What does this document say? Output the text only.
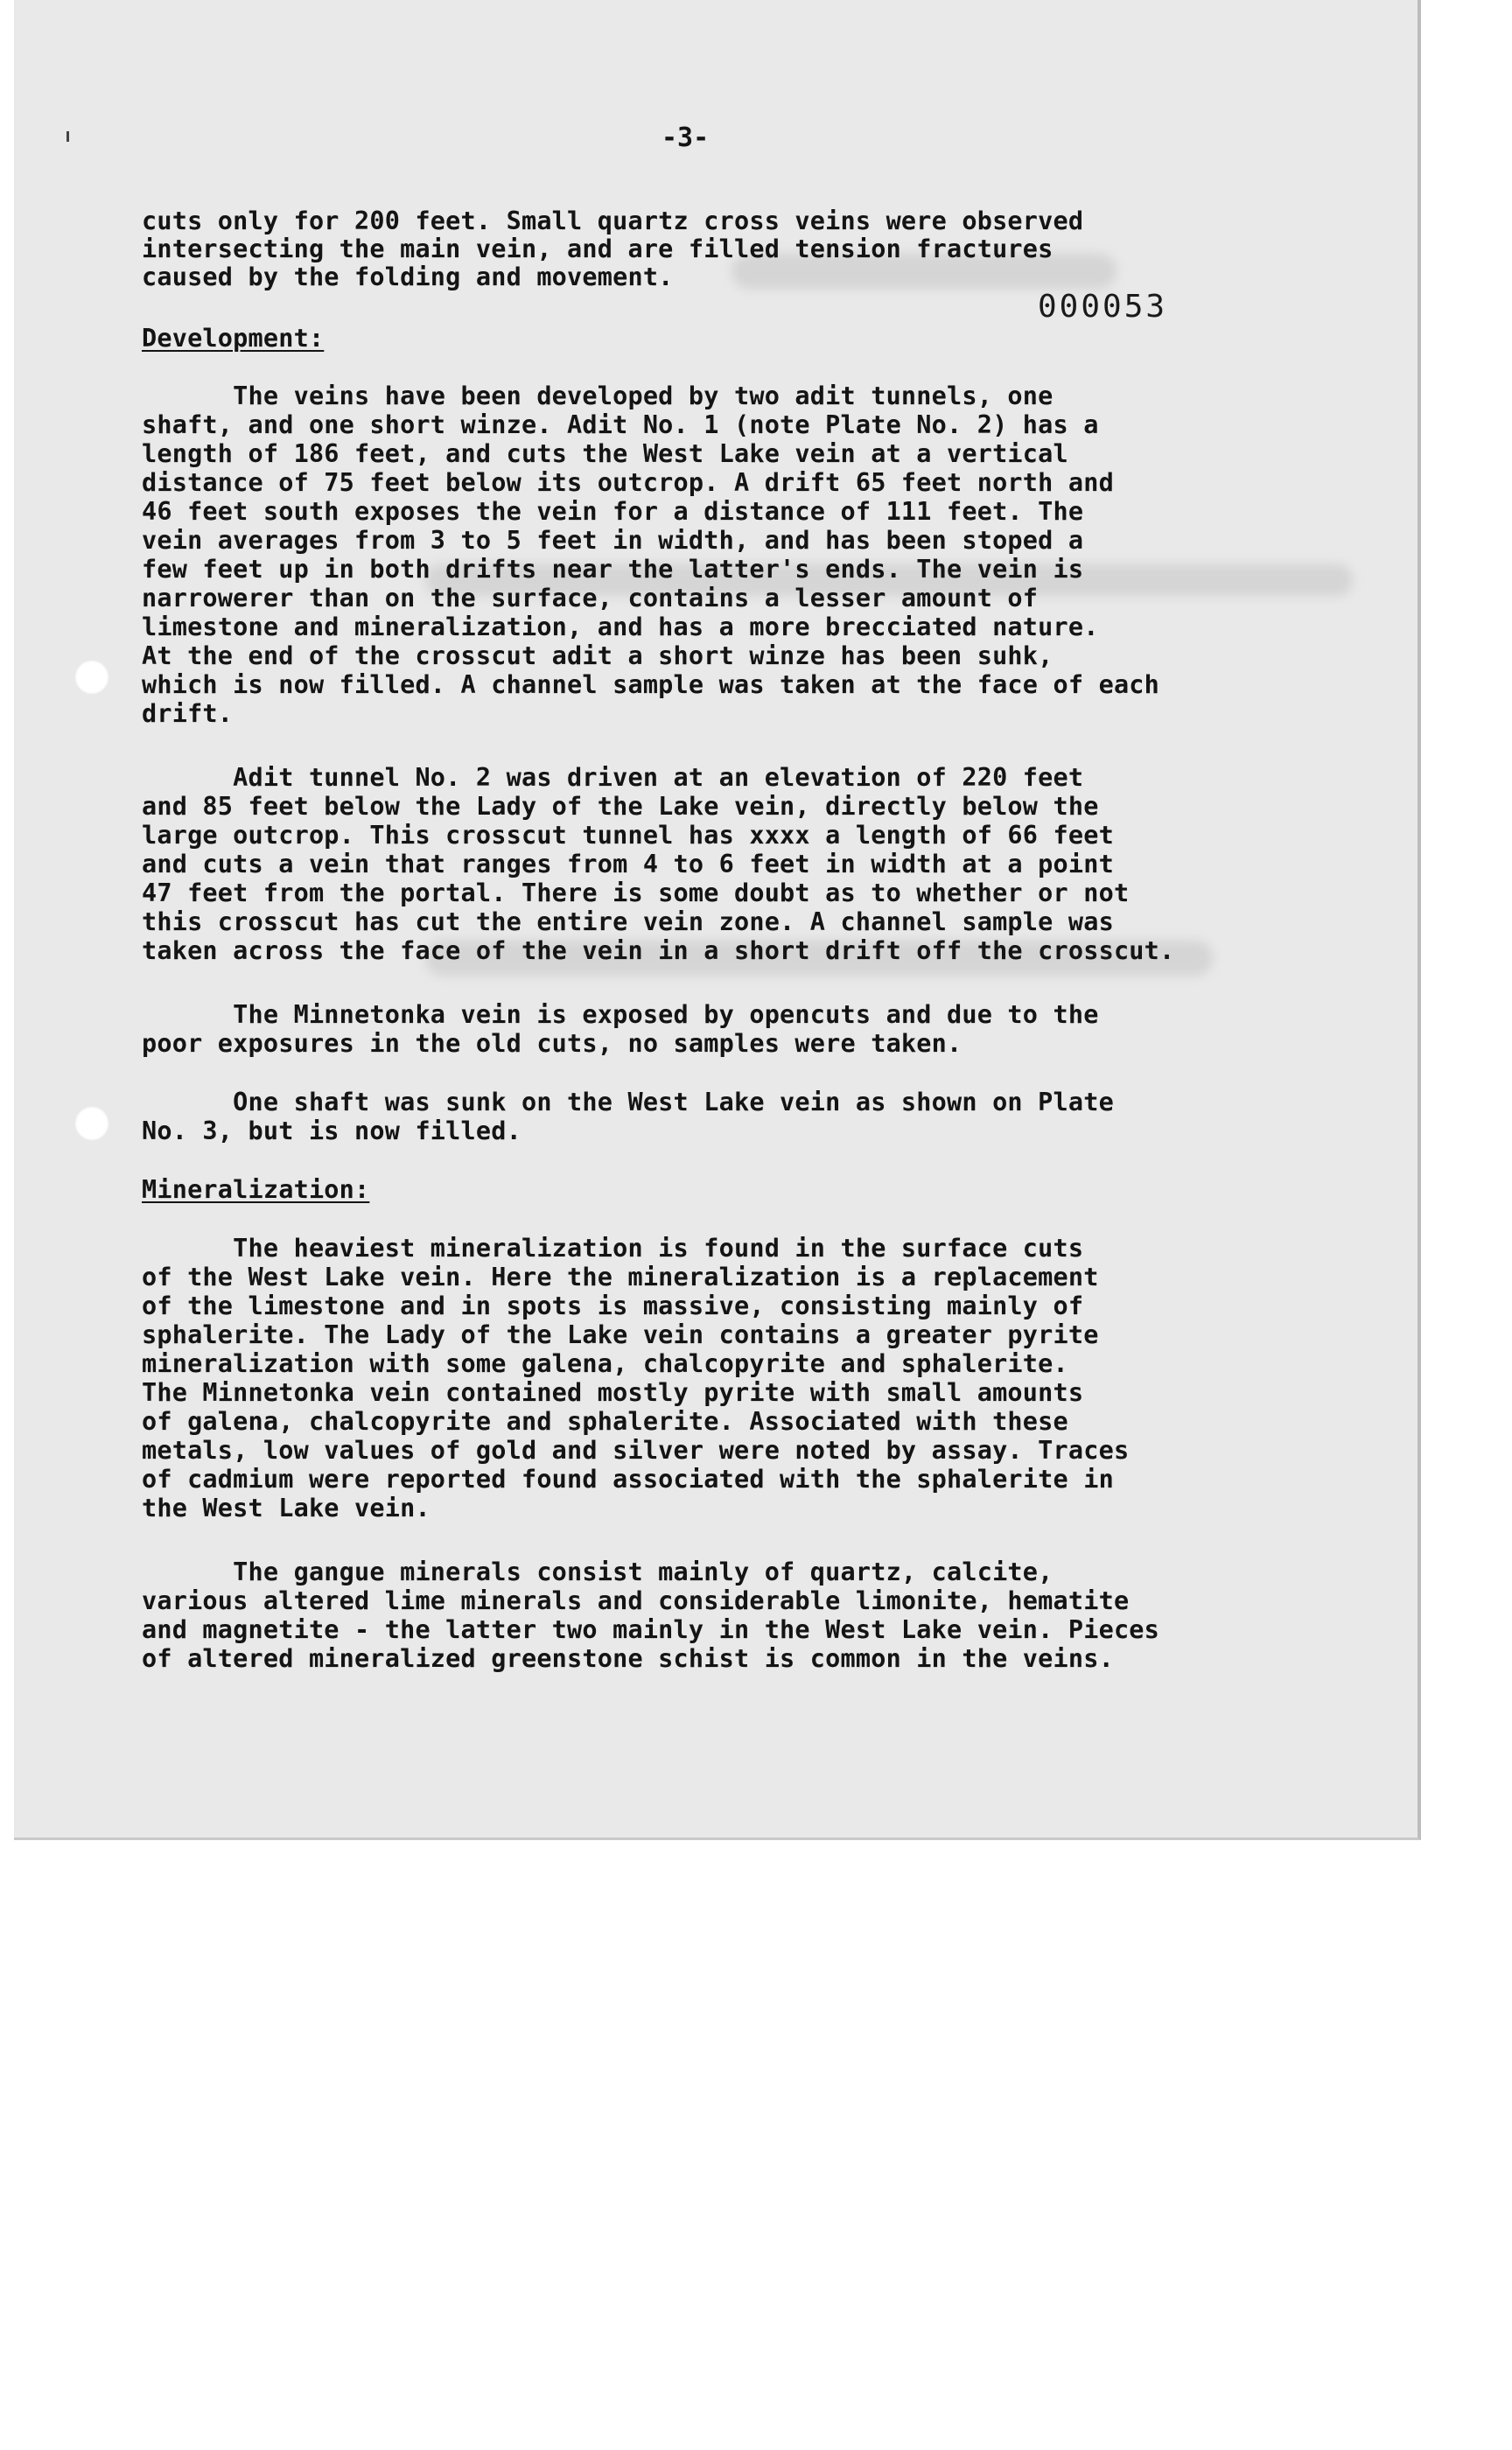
-3-
000053

cuts only for 200 feet. Small quartz cross veins were observed

intersecting the main vein, and are filled tension fractures

caused by the folding and movement.

Development:

The veins have been developed by two adit tunnels, one

shaft, and one short winze. Adit No. 1 (note Plate No. 2) has a

length of 186 feet, and cuts the West Lake vein at a vertical

distance of 75 feet below its outcrop. A drift 65 feet north and

46 feet south exposes the vein for a distance of 111 feet. The

vein averages from 3 to 5 feet in width, and has been stoped a

few feet up in both drifts near the latter's ends. The vein is

narrowerer than on the surface, contains a lesser amount of

limestone and mineralization, and has a more brecciated nature.

At the end of the crosscut adit a short winze has been suhk,

which is now filled. A channel sample was taken at the face of each

drift.

Adit tunnel No. 2 was driven at an elevation of 220 feet

and 85 feet below the Lady of the Lake vein, directly below the

large outcrop. This crosscut tunnel has xxxx a length of 66 feet

and cuts a vein that ranges from 4 to 6 feet in width at a point

47 feet from the portal. There is some doubt as to whether or not

this crosscut has cut the entire vein zone. A channel sample was

taken across the face of the vein in a short drift off the crosscut.

The Minnetonka vein is exposed by opencuts and due to the

poor exposures in the old cuts, no samples were taken.

One shaft was sunk on the West Lake vein as shown on Plate

No. 3, but is now filled.

Mineralization:

The heaviest mineralization is found in the surface cuts

of the West Lake vein. Here the mineralization is a replacement

of the limestone and in spots is massive, consisting mainly of

sphalerite. The Lady of the Lake vein contains a greater pyrite

mineralization with some galena, chalcopyrite and sphalerite.

The Minnetonka vein contained mostly pyrite with small amounts

of galena, chalcopyrite and sphalerite. Associated with these

metals, low values of gold and silver were noted by assay. Traces

of cadmium were reported found associated with the sphalerite in

the West Lake vein.

The gangue minerals consist mainly of quartz, calcite,

various altered lime minerals and considerable limonite, hematite

and magnetite - the latter two mainly in the West Lake vein. Pieces

of altered mineralized greenstone schist is common in the veins.
